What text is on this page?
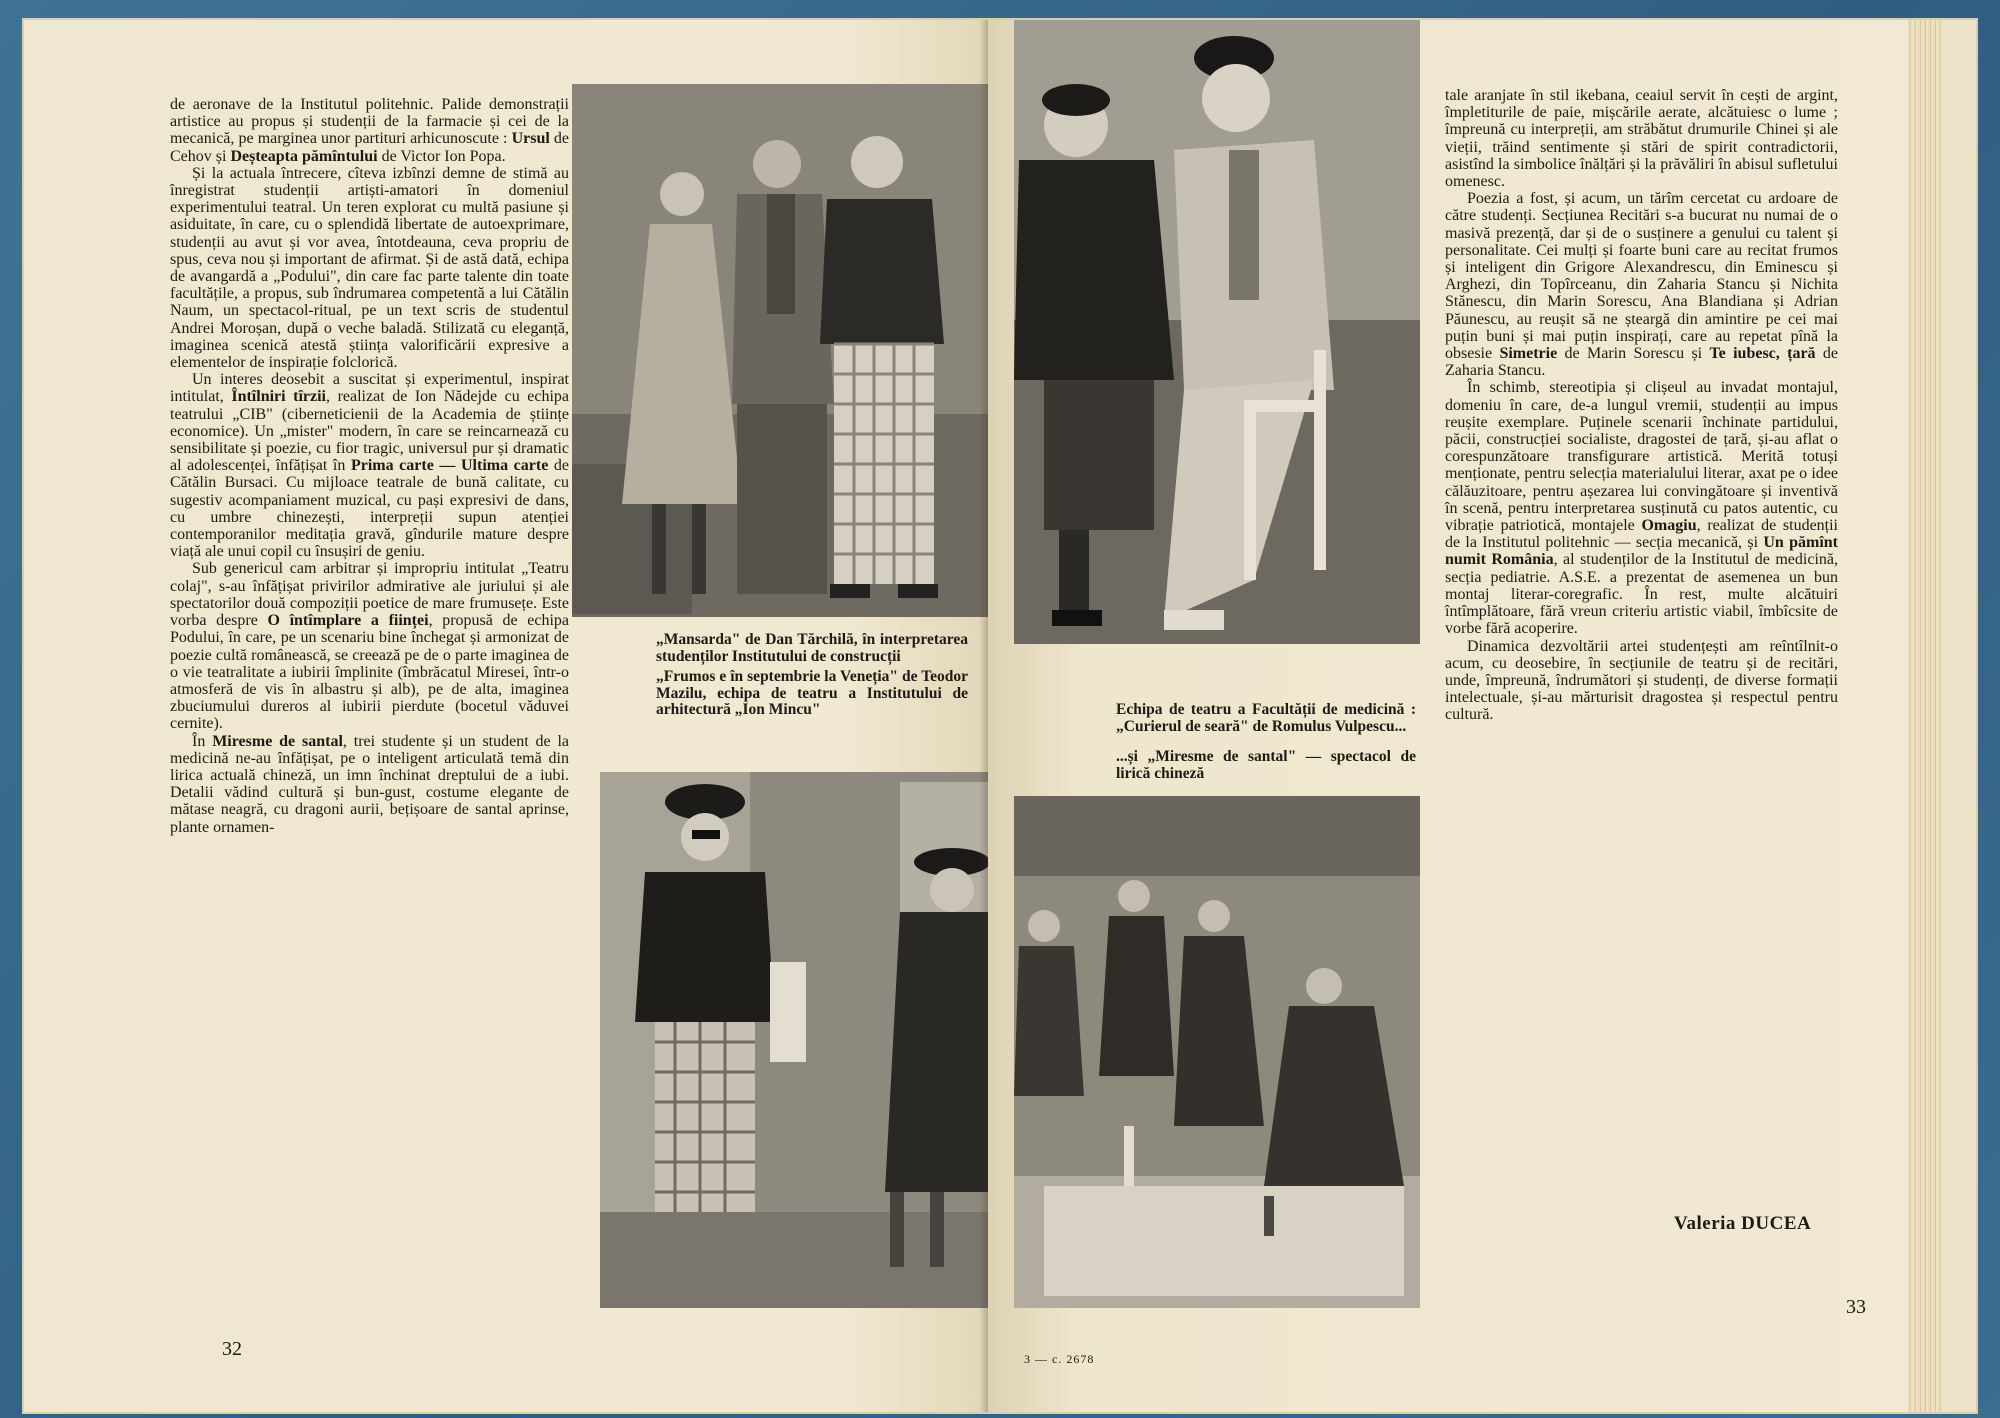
de aeronave de la Institutul politehnic. Palide demonstrații artistice au propus și studenții de la farmacie și cei de la mecanică, pe marginea unor partituri arhicunoscute : Ursul de Cehov și Deșteapta pămîntului de Victor Ion Popa.

Și la actuala întrecere, cîteva izbînzi demne de stimă au înregistrat studenții artiști-amatori în domeniul experimentului teatral. Un teren explorat cu multă pasiune și asiduitate, în care, cu o splendidă libertate de autoexprimare, studenții au avut și vor avea, întotdeauna, ceva propriu de spus, ceva nou și important de afirmat. Și de astă dată, echipa de avangardă a „Podului", din care fac parte talente din toate facultățile, a propus, sub îndrumarea competentă a lui Cătălin Naum, un spectacol-ritual, pe un text scris de studentul Andrei Moroșan, după o veche baladă. Stilizată cu eleganță, imaginea scenică atestă știința valorificării expresive a elementelor de inspirație folclorică.

Un interes deosebit a suscitat și experimentul, inspirat intitulat, Întîlniri tîrzii, realizat de Ion Nădejde cu echipa teatrului „CIB" (ciberneticienii de la Academia de științe economice). Un „mister" modern, în care se reincarnează cu sensibilitate și poezie, cu fior tragic, universul pur și dramatic al adolescenței, înfățișat în Prima carte — Ultima carte de Cătălin Bursaci. Cu mijloace teatrale de bună calitate, cu sugestiv acompaniament muzical, cu pași expresivi de dans, cu umbre chinezești, interpreții supun atenției contemporanilor meditația gravă, gîndurile mature despre viață ale unui copil cu însușiri de geniu.

Sub genericul cam arbitrar și impropriu intitulat „Teatru colaj", s-au înfățișat privirilor admirative ale juriului și ale spectatorilor două compoziții poetice de mare frumusețe. Este vorba despre O întîmplare a ființei, propusă de echipa Podului, în care, pe un scenariu bine închegat și armonizat de poezie cultă românească, se creează pe de o parte imaginea de o vie teatralitate a iubirii împlinite (îmbrăcatul Miresei, într-o atmosferă de vis în albastru și alb), pe de alta, imaginea zbuciumului dureros al iubirii pierdute (bocetul văduvei cernite).

În Miresme de santal, trei studente și un student de la medicină ne-au înfățișat, pe o inteligent articulată temă din lirica actuală chineză, un imn închinat dreptului de a iubi. Detalii vădind cultură și bun-gust, costume elegante de mătase neagră, cu dragoni aurii, bețișoare de santal aprinse, plante ornamen-

„Mansarda" de Dan Tărchilă, în interpretarea studenților Institutului de construcții

„Frumos e în septembrie la Veneția" de Teodor Mazilu, echipa de teatru a Institutului de arhitectură „Ion Mincu"

32

Echipa de teatru a Facultății de medicină : „Curierul de seară" de Romulus Vulpescu...

...și „Miresme de santal" — spectacol de lirică chineză

tale aranjate în stil ikebana, ceaiul servit în cești de argint, împletiturile de paie, mișcările aerate, alcătuiesc o lume ; împreună cu interpreții, am străbătut drumurile Chinei și ale vieții, trăind sentimente și stări de spirit contradictorii, asistînd la simbolice înălțări și la prăvăliri în abisul sufletului omenesc.

Poezia a fost, și acum, un tărîm cercetat cu ardoare de către studenți. Secțiunea Recitări s-a bucurat nu numai de o masivă prezență, dar și de o susținere a genului cu talent și personalitate. Cei mulți și foarte buni care au recitat frumos și inteligent din Grigore Alexandrescu, din Eminescu și Arghezi, din Topîrceanu, din Zaharia Stancu și Nichita Stănescu, din Marin Sorescu, Ana Blandiana și Adrian Păunescu, au reușit să ne șteargă din amintire pe cei mai puțin buni și mai puțin inspirați, care au repetat pînă la obsesie Simetrie de Marin Sorescu și Te iubesc, țară de Zaharia Stancu.

În schimb, stereotipia și clișeul au invadat montajul, domeniu în care, de-a lungul vremii, studenții au impus reușite exemplare. Puținele scenarii închinate partidului, păcii, construcției socialiste, dragostei de țară, și-au aflat o corespunzătoare transfigurare artistică. Merită totuși menționate, pentru selecția materialului literar, axat pe o idee călăuzitoare, pentru așezarea lui convingătoare și inventivă în scenă, pentru interpretarea susținută cu patos autentic, cu vibrație patriotică, montajele Omagiu, realizat de studenții de la Institutul politehnic — secția mecanică, și Un pămînt numit România, al studenților de la Institutul de medicină, secția pediatrie. A.S.E. a prezentat de asemenea un bun montaj literar-coregrafic. În rest, multe alcătuiri întîmplătoare, fără vreun criteriu artistic viabil, îmbîcsite de vorbe fără acoperire.

Dinamica dezvoltării artei studențești am reîntîlnit-o acum, cu deosebire, în secțiunile de teatru și de recitări, unde, împreună, îndrumători și studenți, de diverse formații intelectuale, și-au mărturisit dragostea și respectul pentru cultură.

Valeria DUCEA
3 — c. 2678
33
